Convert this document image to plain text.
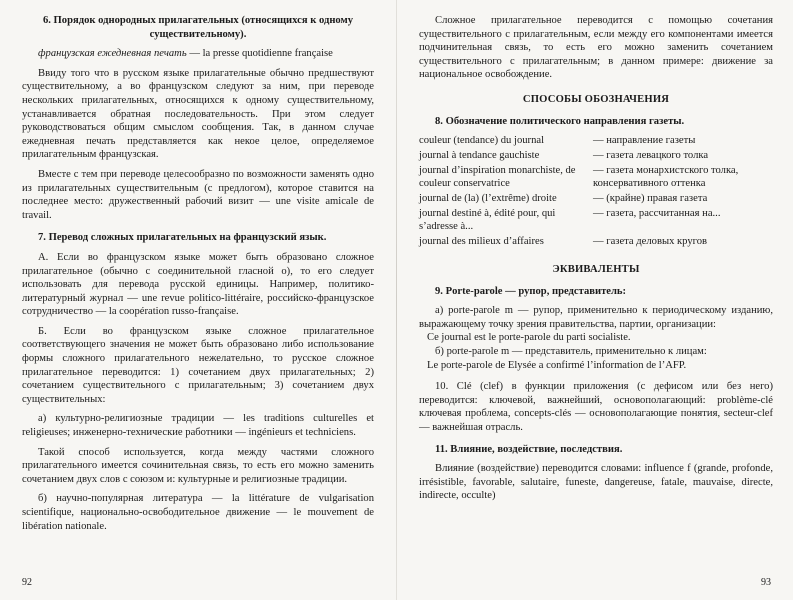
6. Порядок однородных прилагательных (относящихся к одному существительному).

французская ежедневная печать — la presse quotidienne française

Ввиду того что в русском языке прилагательные обычно предшествуют существительному, а во французском следуют за ним, при переводе нескольких прилагательных, относящихся к одному существительному, устанавливается обратная последовательность. При этом следует руководствоваться общим смыслом сообщения. Так, в данном случае ежедневная печать представляется как некое целое, определяемое прилагательным французская.

Вместе с тем при переводе целесообразно по возможности заменять одно из прилагательных существительным (с предлогом), которое ставится на последнее место: дружественный рабочий визит — une visite amicale de travail.

7. Перевод сложных прилагательных на французский язык.

А. Если во французском языке может быть образовано сложное прилагательное (обычно с соединительной гласной о), то его следует использовать для перевода русской единицы. Например, политико-литературный журнал — une revue politico-littéraire, российско-французское сотрудничество — la coopération russo-française.

Б. Если во французском языке сложное прилагательное соответствующего значения не может быть образовано либо использование формы сложного прилагательного нежелательно, то русское сложное прилагательное переводится: 1) сочетанием двух прилагательных; 2) сочетанием существительного с прилагательным; 3) сочетанием двух существительных:

а) культурно-религиозные традиции — les traditions culturelles et religieuses; инженерно-технические работники — ingénieurs et techniciens.

Такой способ используется, когда между частями сложного прилагательного имеется сочинительная связь, то есть его можно заменить сочетанием двух слов с союзом и: культурные и религиозные традиции.

б) научно-популярная литература — la littérature de vulgarisation scientifique, национально-освободительное движение — le mouvement de libération nationale.

92

Сложное прилагательное переводится с помощью сочетания существительного с прилагательным, если между его компонентами имеется подчинительная связь, то есть его можно заменить сочетанием существительного с прилагательным; в данном примере: движение за национальное освобождение.

СПОСОБЫ ОБОЗНАЧЕНИЯ

8. Обозначение политического направления газеты.

couleur (tendance) du journal	— направление газеты
journal à tendance gauchiste	— газета левацкого толка
journal d’inspiration monarchiste, de couleur conservatrice	— газета монархистского толка, консервативного оттенка
journal de (la) (l’extrême) droite	— (крайне) правая газета
journal destiné à, édité pour, qui s’adresse à...	— газета, рассчитанная на...
journal des milieux d’affaires	— газета деловых кругов
ЭКВИВАЛЕНТЫ

9. Porte-parole — рупор, представитель:

а) porte-parole m — рупор, применительно к периодическому изданию, выражающему точку зрения правительства, партии, организации:

Ce journal est le porte-parole du parti socialiste.

б) porte-parole m — представитель, применительно к лицам:

Le porte-parole de Elysée a confirmé l’information de l’AFP.

10. Clé (clef) в функции приложения (с дефисом или без него) переводится: ключевой, важнейший, основополагающий: problème-clé ключевая проблема, concepts-clés — основополагающие понятия, secteur-clef — важнейшая отрасль.

11. Влияние, воздействие, последствия.

Влияние (воздействие) переводится словами: influence f (grande, profonde, irrésistible, favorable, salutaire, funeste, dangereuse, fatale, mauvaise, directe, indirecte, occulte)

93
